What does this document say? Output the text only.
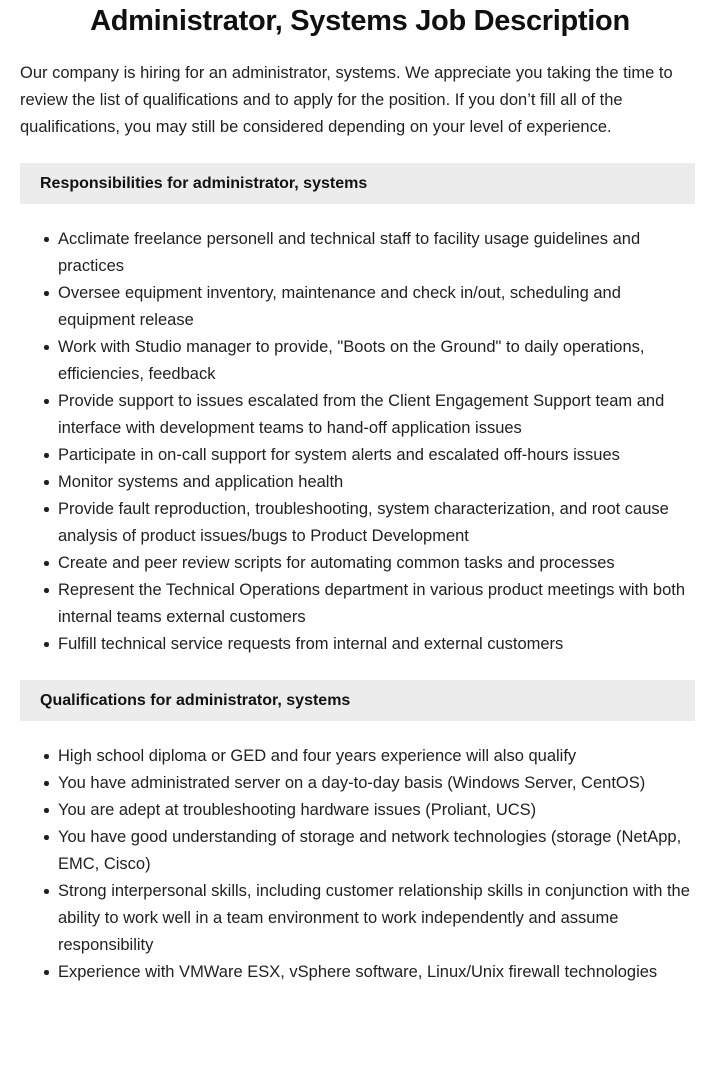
Administrator, Systems Job Description

Our company is hiring for an administrator, systems. We appreciate you taking the time to review the list of qualifications and to apply for the position. If you don’t fill all of the qualifications, you may still be considered depending on your level of experience.

Responsibilities for administrator, systems
Acclimate freelance personell and technical staff to facility usage guidelines and practices
Oversee equipment inventory, maintenance and check in/out, scheduling and equipment release
Work with Studio manager to provide, "Boots on the Ground" to daily operations, efficiencies, feedback
Provide support to issues escalated from the Client Engagement Support team and interface with development teams to hand-off application issues
Participate in on-call support for system alerts and escalated off-hours issues
Monitor systems and application health
Provide fault reproduction, troubleshooting, system characterization, and root cause analysis of product issues/bugs to Product Development
Create and peer review scripts for automating common tasks and processes
Represent the Technical Operations department in various product meetings with both internal teams external customers
Fulfill technical service requests from internal and external customers
Qualifications for administrator, systems
High school diploma or GED and four years experience will also qualify
You have administrated server on a day-to-day basis (Windows Server, CentOS)
You are adept at troubleshooting hardware issues (Proliant, UCS)
You have good understanding of storage and network technologies (storage (NetApp, EMC, Cisco)
Strong interpersonal skills, including customer relationship skills in conjunction with the ability to work well in a team environment to work independently and assume responsibility
Experience with VMWare ESX, vSphere software, Linux/Unix firewall technologies
